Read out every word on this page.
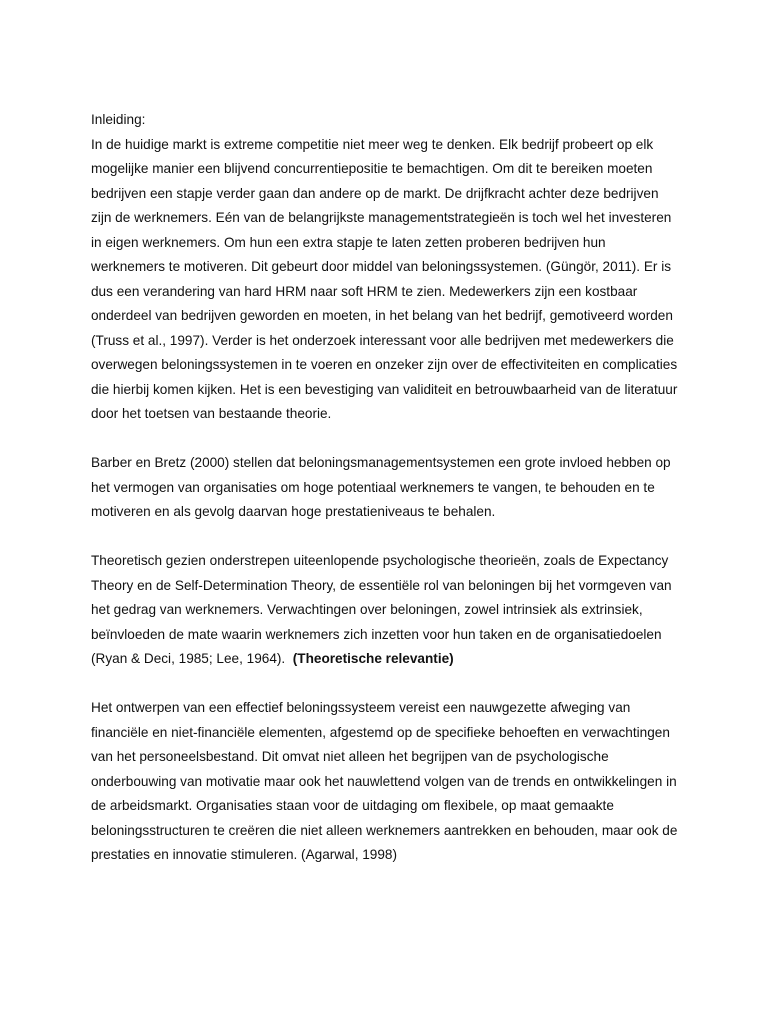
Inleiding:

In de huidige markt is extreme competitie niet meer weg te denken. Elk bedrijf probeert op elk mogelijke manier een blijvend concurrentiepositie te bemachtigen. Om dit te bereiken moeten bedrijven een stapje verder gaan dan andere op de markt. De drijfkracht achter deze bedrijven zijn de werknemers. Eén van de belangrijkste managementstrategieën is toch wel het investeren in eigen werknemers. Om hun een extra stapje te laten zetten proberen bedrijven hun werknemers te motiveren. Dit gebeurt door middel van beloningssystemen. (Güngör, 2011). Er is dus een verandering van hard HRM naar soft HRM te zien. Medewerkers zijn een kostbaar onderdeel van bedrijven geworden en moeten, in het belang van het bedrijf, gemotiveerd worden (Truss et al., 1997). Verder is het onderzoek interessant voor alle bedrijven met medewerkers die overwegen beloningssystemen in te voeren en onzeker zijn over de effectiviteiten en complicaties die hierbij komen kijken. Het is een bevestiging van validiteit en betrouwbaarheid van de literatuur door het toetsen van bestaande theorie.

Barber en Bretz (2000) stellen dat beloningsmanagementsystemen een grote invloed hebben op het vermogen van organisaties om hoge potentiaal werknemers te vangen, te behouden en te motiveren en als gevolg daarvan hoge prestatieniveaus te behalen.

Theoretisch gezien onderstrepen uiteenlopende psychologische theorieën, zoals de Expectancy Theory en de Self-Determination Theory, de essentiële rol van beloningen bij het vormgeven van het gedrag van werknemers. Verwachtingen over beloningen, zowel intrinsiek als extrinsiek, beïnvloeden de mate waarin werknemers zich inzetten voor hun taken en de organisatiedoelen (Ryan & Deci, 1985; Lee, 1964). (Theoretische relevantie)

Het ontwerpen van een effectief beloningssysteem vereist een nauwgezette afweging van financiële en niet-financiële elementen, afgestemd op de specifieke behoeften en verwachtingen van het personeelsbestand. Dit omvat niet alleen het begrijpen van de psychologische onderbouwing van motivatie maar ook het nauwlettend volgen van de trends en ontwikkelingen in de arbeidsmarkt. Organisaties staan voor de uitdaging om flexibele, op maat gemaakte beloningsstructuren te creëren die niet alleen werknemers aantrekken en behouden, maar ook de prestaties en innovatie stimuleren. (Agarwal, 1998)
